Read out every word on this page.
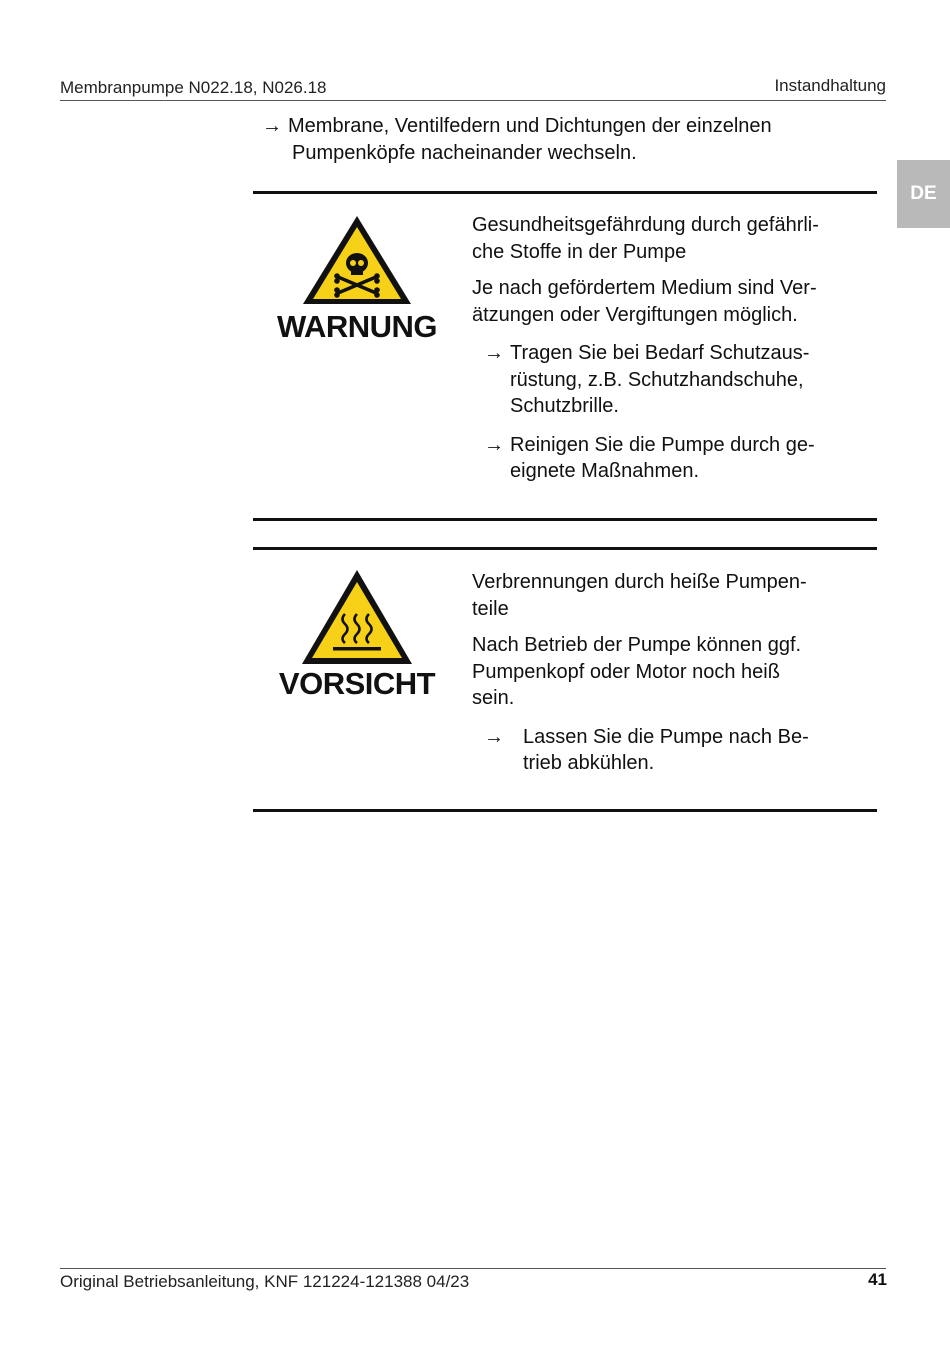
Membranpumpe N022.18, N026.18	Instandhaltung
DE
→ Membrane, Ventilfedern und Dichtungen der einzelnen
Pumpenköpfe nacheinander wechseln.
WARNUNG

Gesundheitsgefährdung durch gefährli-
che Stoffe in der Pumpe

Je nach gefördertem Medium sind Ver-
ätzungen oder Vergiftungen möglich.

→ Tragen Sie bei Bedarf Schutzaus-
rüstung, z.B. Schutzhandschuhe,
Schutzbrille.
→ Reinigen Sie die Pumpe durch ge-
eignete Maßnahmen.
VORSICHT

Verbrennungen durch heiße Pumpen-
teile

Nach Betrieb der Pumpe können ggf.
Pumpenkopf oder Motor noch heiß
sein.

→ Lassen Sie die Pumpe nach Be-
trieb abkühlen.
Original Betriebsanleitung, KNF 121224-121388 04/23	41
